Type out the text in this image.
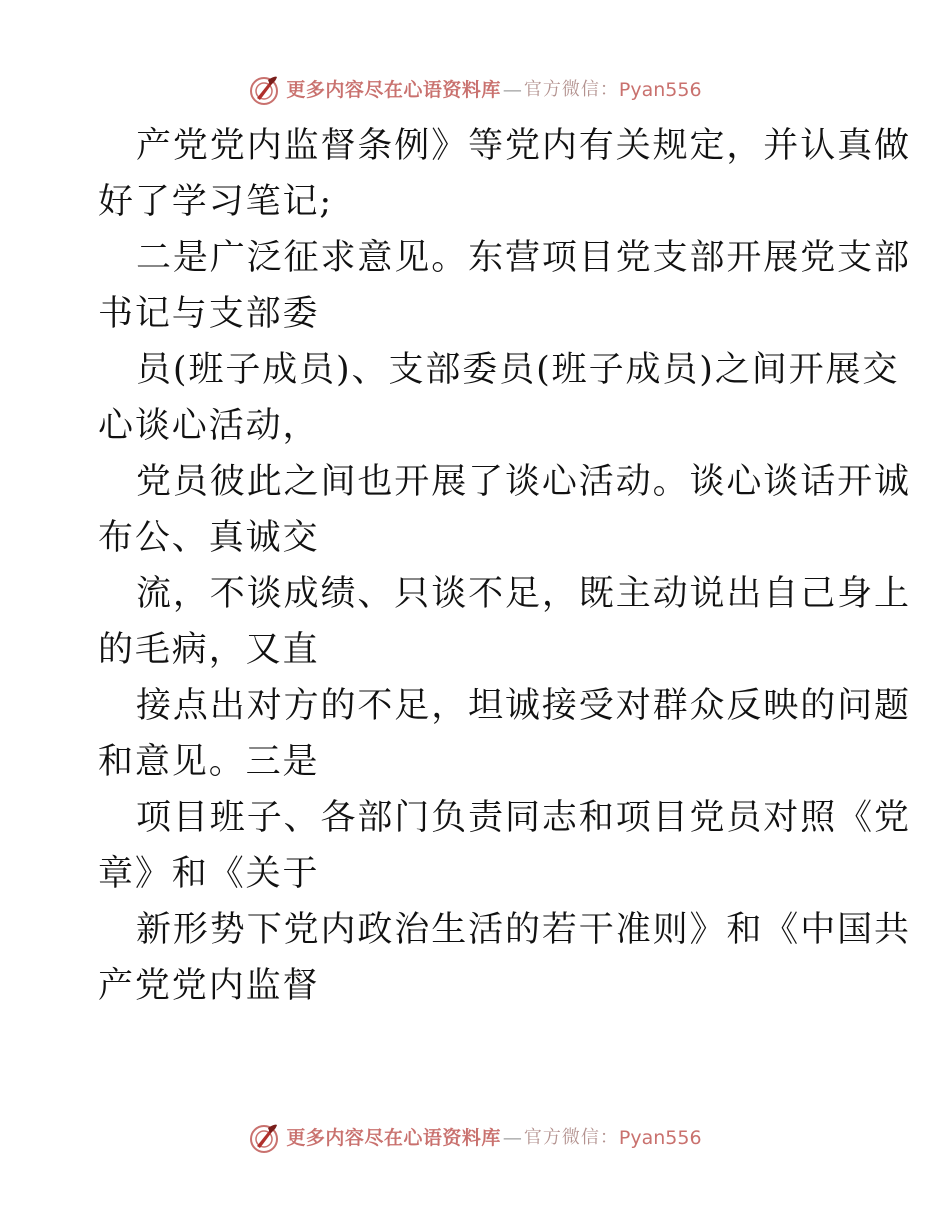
更多内容尽在心语资料库 — 官方微信： Pyan556
产党党内监督条例》等党内有关规定，并认真做
好了学习笔记;
二是广泛征求意见。东营项目党支部开展党支部
书记与支部委
员(班子成员)、支部委员(班子成员)之间开展交
心谈心活动，
党员彼此之间也开展了谈心活动。谈心谈话开诚
布公、真诚交
流，不谈成绩、只谈不足，既主动说出自己身上
的毛病，又直
接点出对方的不足，坦诚接受对群众反映的问题
和意见。三是
项目班子、各部门负责同志和项目党员对照《党
章》和《关于
新形势下党内政治生活的若干准则》和《中国共
产党党内监督
更多内容尽在心语资料库 — 官方微信： Pyan556
